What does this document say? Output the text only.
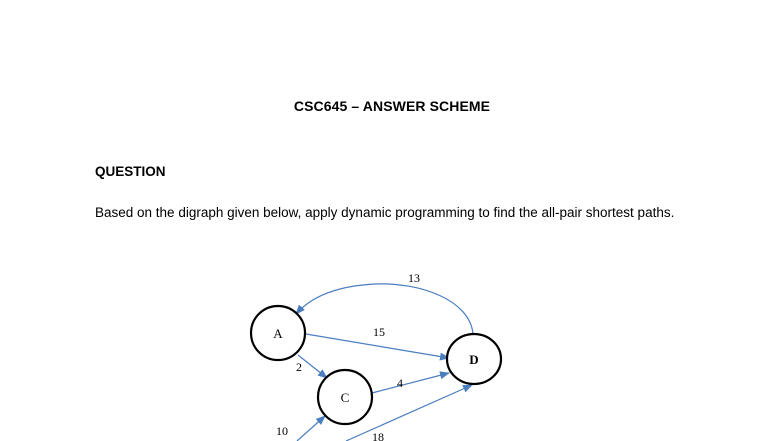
CSC645 – ANSWER SCHEME
QUESTION
Based on the digraph given below, apply dynamic programming to find the all-pair shortest paths.
13
15
2
4
10	18
A
C
D
